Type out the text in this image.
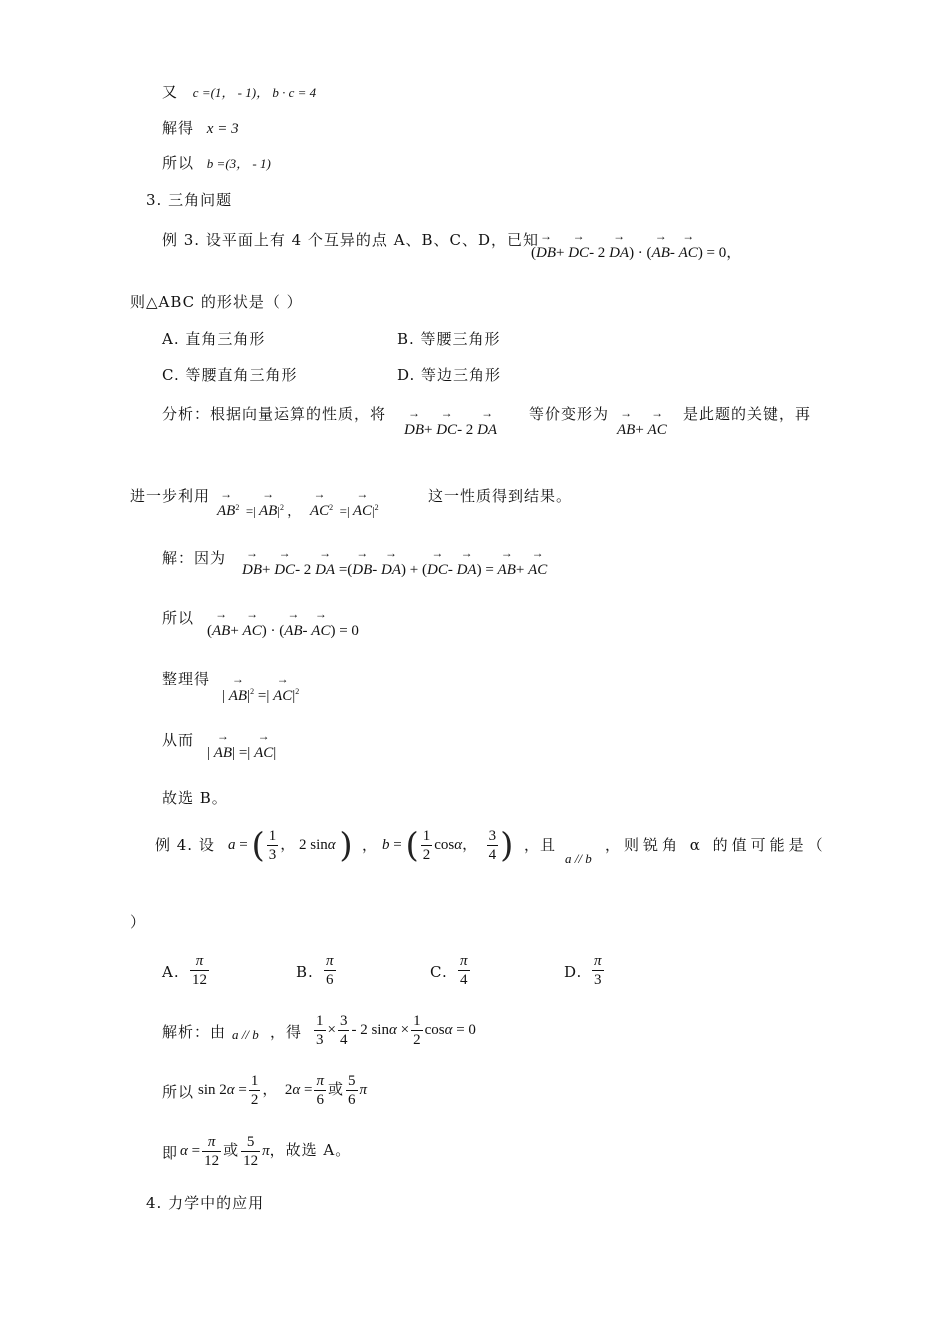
又 c =(1， - 1)， b · c = 4
解得 x = 3
所以 b =(3， - 1)
3. 三角问题
例 3. 设平面上有 4 个互异的点 A、B、C、D，已知
(
→
DB+
→
DC- 2
→
DA) · (
→
AB-
→
AC) = 0，
则△ABC 的形状是（ ）
A. 直角三角形	B. 等腰三角形
C. 等腰直角三角形	D. 等边三角形
分析：根据向量运算的性质，将	→
DB+
→
DC- 2
→
DA
等价变形为 →
AB+
→
AC
是此题的关键，再
进一步利用 →
$AB^2$  =|
→
$AB|^2$ ，
→
$AC^2$  =|
→
$AC|^2$
这一性质得到结果。
解：因为	→
DB+
→
DC- 2
→
DA =(
→
DB-
→
DA) + (
→
DC-
→
DA) =
→
AB+
→
AC
所以
(
→
AB+
→
AC) · (
→
AB-
→
AC) = 0
整理得
|
→
$AB|^2$ =|
→
$AC|^2$
从而
|
→
AB| =|
→
AC|
故选 B。
例 4. 设 a = ( $\frac{1}{3}$ ， 2 sinα ) ， b = ( $\frac{1}{2}$ cosα， $\frac{3}{4}$ ) ，且
a // b
，则锐角 α 的值可能是（
）
A. $\frac{\pi}{12}$	B. $\frac{\pi}{6}$	C. $\frac{\pi}{4}$	D. $\frac{\pi}{3}$
解析：由 a // b ，得 $\frac{1}{3} \times \frac{3}{4} - 2$ $\sin\alpha \times \frac{1}{2}$ cosα = 0
所以 $\sin 2\alpha = \frac{1}{2}$ ，  $2\alpha = \frac{\pi}{6}$ 或 $\frac{5}{6}$ π
即 $\alpha = \frac{\pi}{12}$ 或 $\frac{5}{12}$ π，故选 A。
4. 力学中的应用
